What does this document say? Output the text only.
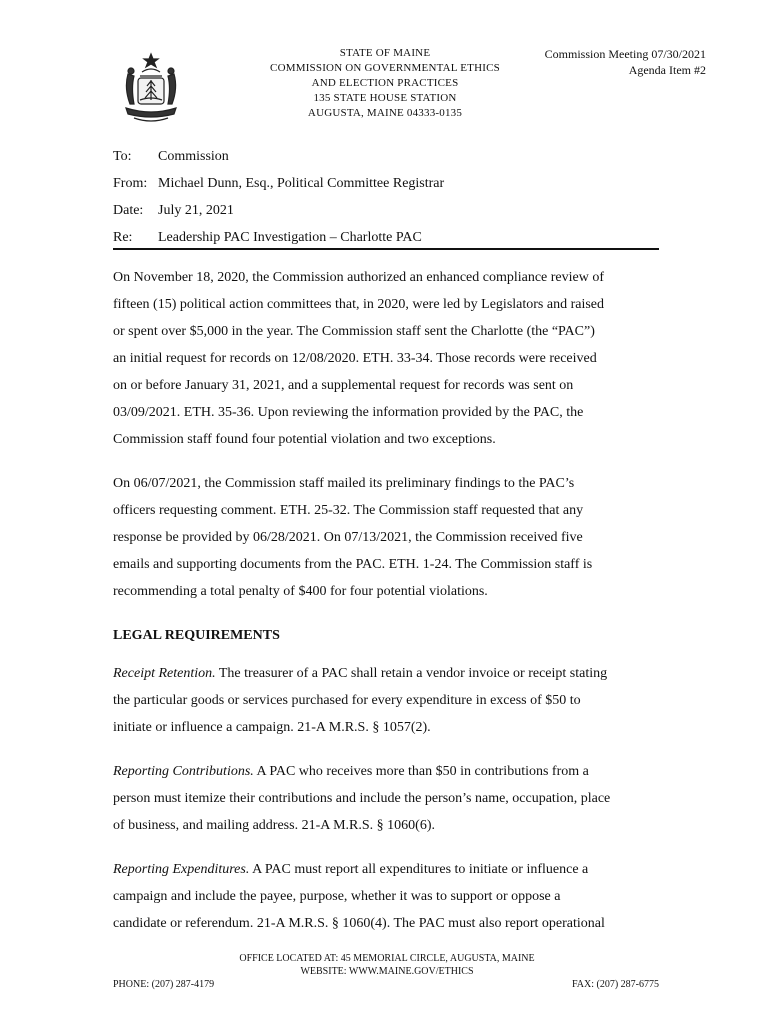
STATE OF MAINE
COMMISSION ON GOVERNMENTAL ETHICS
AND ELECTION PRACTICES
135 STATE HOUSE STATION
AUGUSTA, MAINE 04333-0135
Commission Meeting 07/30/2021
Agenda Item #2
To: Commission
From: Michael Dunn, Esq., Political Committee Registrar
Date: July 21, 2021
Re: Leadership PAC Investigation – Charlotte PAC
On November 18, 2020, the Commission authorized an enhanced compliance review of
fifteen (15) political action committees that, in 2020, were led by Legislators and raised
or spent over $5,000 in the year. The Commission staff sent the Charlotte (the “PAC”)
an initial request for records on 12/08/2020. ETH. 33-34. Those records were received
on or before January 31, 2021, and a supplemental request for records was sent on
03/09/2021. ETH. 35-36. Upon reviewing the information provided by the PAC, the
Commission staff found four potential violation and two exceptions.
On 06/07/2021, the Commission staff mailed its preliminary findings to the PAC’s
officers requesting comment. ETH. 25-32. The Commission staff requested that any
response be provided by 06/28/2021. On 07/13/2021, the Commission received five
emails and supporting documents from the PAC. ETH. 1-24. The Commission staff is
recommending a total penalty of $400 for four potential violations.
LEGAL REQUIREMENTS
Receipt Retention. The treasurer of a PAC shall retain a vendor invoice or receipt stating
the particular goods or services purchased for every expenditure in excess of $50 to
initiate or influence a campaign. 21-A M.R.S. § 1057(2).
Reporting Contributions. A PAC who receives more than $50 in contributions from a
person must itemize their contributions and include the person’s name, occupation, place
of business, and mailing address. 21-A M.R.S. § 1060(6).
Reporting Expenditures. A PAC must report all expenditures to initiate or influence a
campaign and include the payee, purpose, whether it was to support or oppose a
candidate or referendum. 21-A M.R.S. § 1060(4). The PAC must also report operational
OFFICE LOCATED AT: 45 MEMORIAL CIRCLE, AUGUSTA, MAINE
WEBSITE: WWW.MAINE.GOV/ETHICS
PHONE: (207) 287-4179	FAX: (207) 287-6775
